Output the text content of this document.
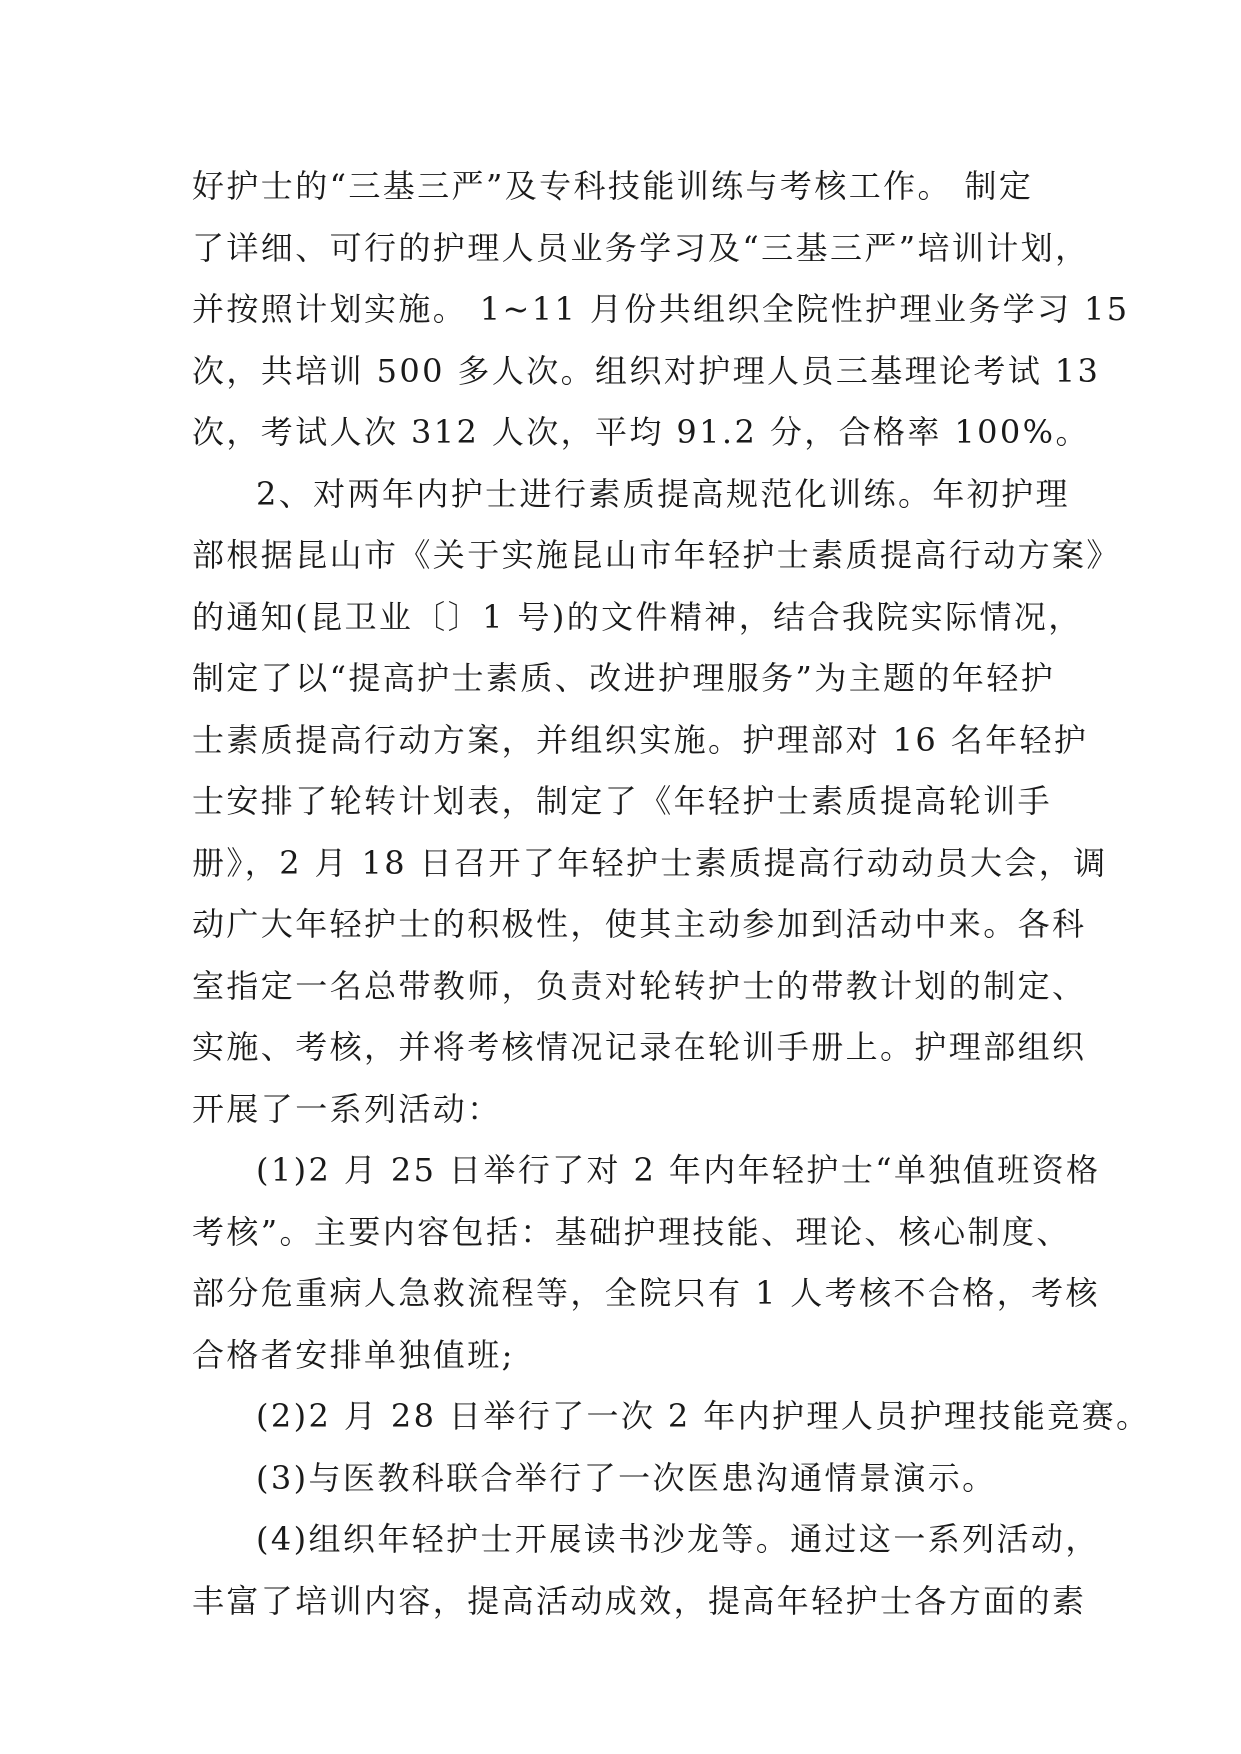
好护士的“三基三严”及专科技能训练与考核工作。 制定
了详细、可行的护理人员业务学习及“三基三严”培训计划，
并按照计划实施。 1~11 月份共组织全院性护理业务学习 15
次，共培训 500 多人次。组织对护理人员三基理论考试 13
次，考试人次 312 人次，平均 91.2 分，合格率 100%。
2、对两年内护士进行素质提高规范化训练。年初护理
部根据昆山市《关于实施昆山市年轻护士素质提高行动方案》
的通知(昆卫业〔〕1 号)的文件精神，结合我院实际情况，
制定了以“提高护士素质、改进护理服务”为主题的年轻护
士素质提高行动方案，并组织实施。护理部对 16 名年轻护
士安排了轮转计划表，制定了《年轻护士素质提高轮训手
册》，2 月 18 日召开了年轻护士素质提高行动动员大会，调
动广大年轻护士的积极性，使其主动参加到活动中来。各科
室指定一名总带教师，负责对轮转护士的带教计划的制定、
实施、考核，并将考核情况记录在轮训手册上。护理部组织
开展了一系列活动：
(1)2 月 25 日举行了对 2 年内年轻护士“单独值班资格
考核”。主要内容包括：基础护理技能、理论、核心制度、
部分危重病人急救流程等，全院只有 1 人考核不合格，考核
合格者安排单独值班;
(2)2 月 28 日举行了一次 2 年内护理人员护理技能竞赛。
(3)与医教科联合举行了一次医患沟通情景演示。
(4)组织年轻护士开展读书沙龙等。通过这一系列活动，
丰富了培训内容，提高活动成效，提高年轻护士各方面的素
